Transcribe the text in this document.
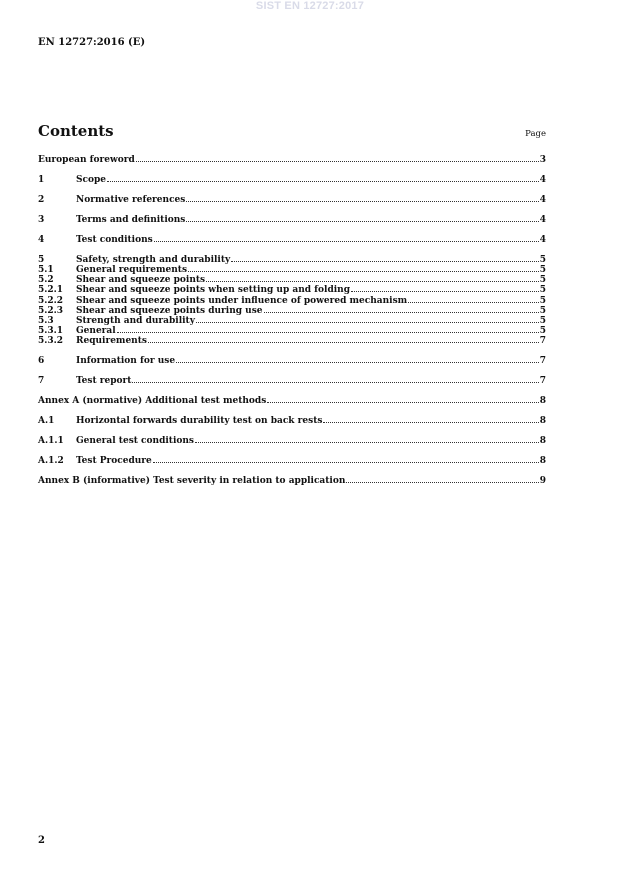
SIST EN 12727:2017
EN 12727:2016 (E)
Contents	Page
European foreword	3
1	Scope	4
2	Normative references	4
3	Terms and definitions	4
4	Test conditions	4
5	Safety, strength and durability	5
5.1	General requirements	5
5.2	Shear and squeeze points	5
5.2.1	Shear and squeeze points when setting up and folding	5
5.2.2	Shear and squeeze points under influence of powered mechanism	5
5.2.3	Shear and squeeze points during use	5
5.3	Strength and durability	5
5.3.1	General	5
5.3.2	Requirements	7
6	Information for use	7
7	Test report	7
Annex A (normative) Additional test methods	8
A.1	Horizontal forwards durability test on back rests	8
A.1.1	General test conditions	8
A.1.2	Test Procedure	8
Annex B (informative) Test severity in relation to application	9
2
